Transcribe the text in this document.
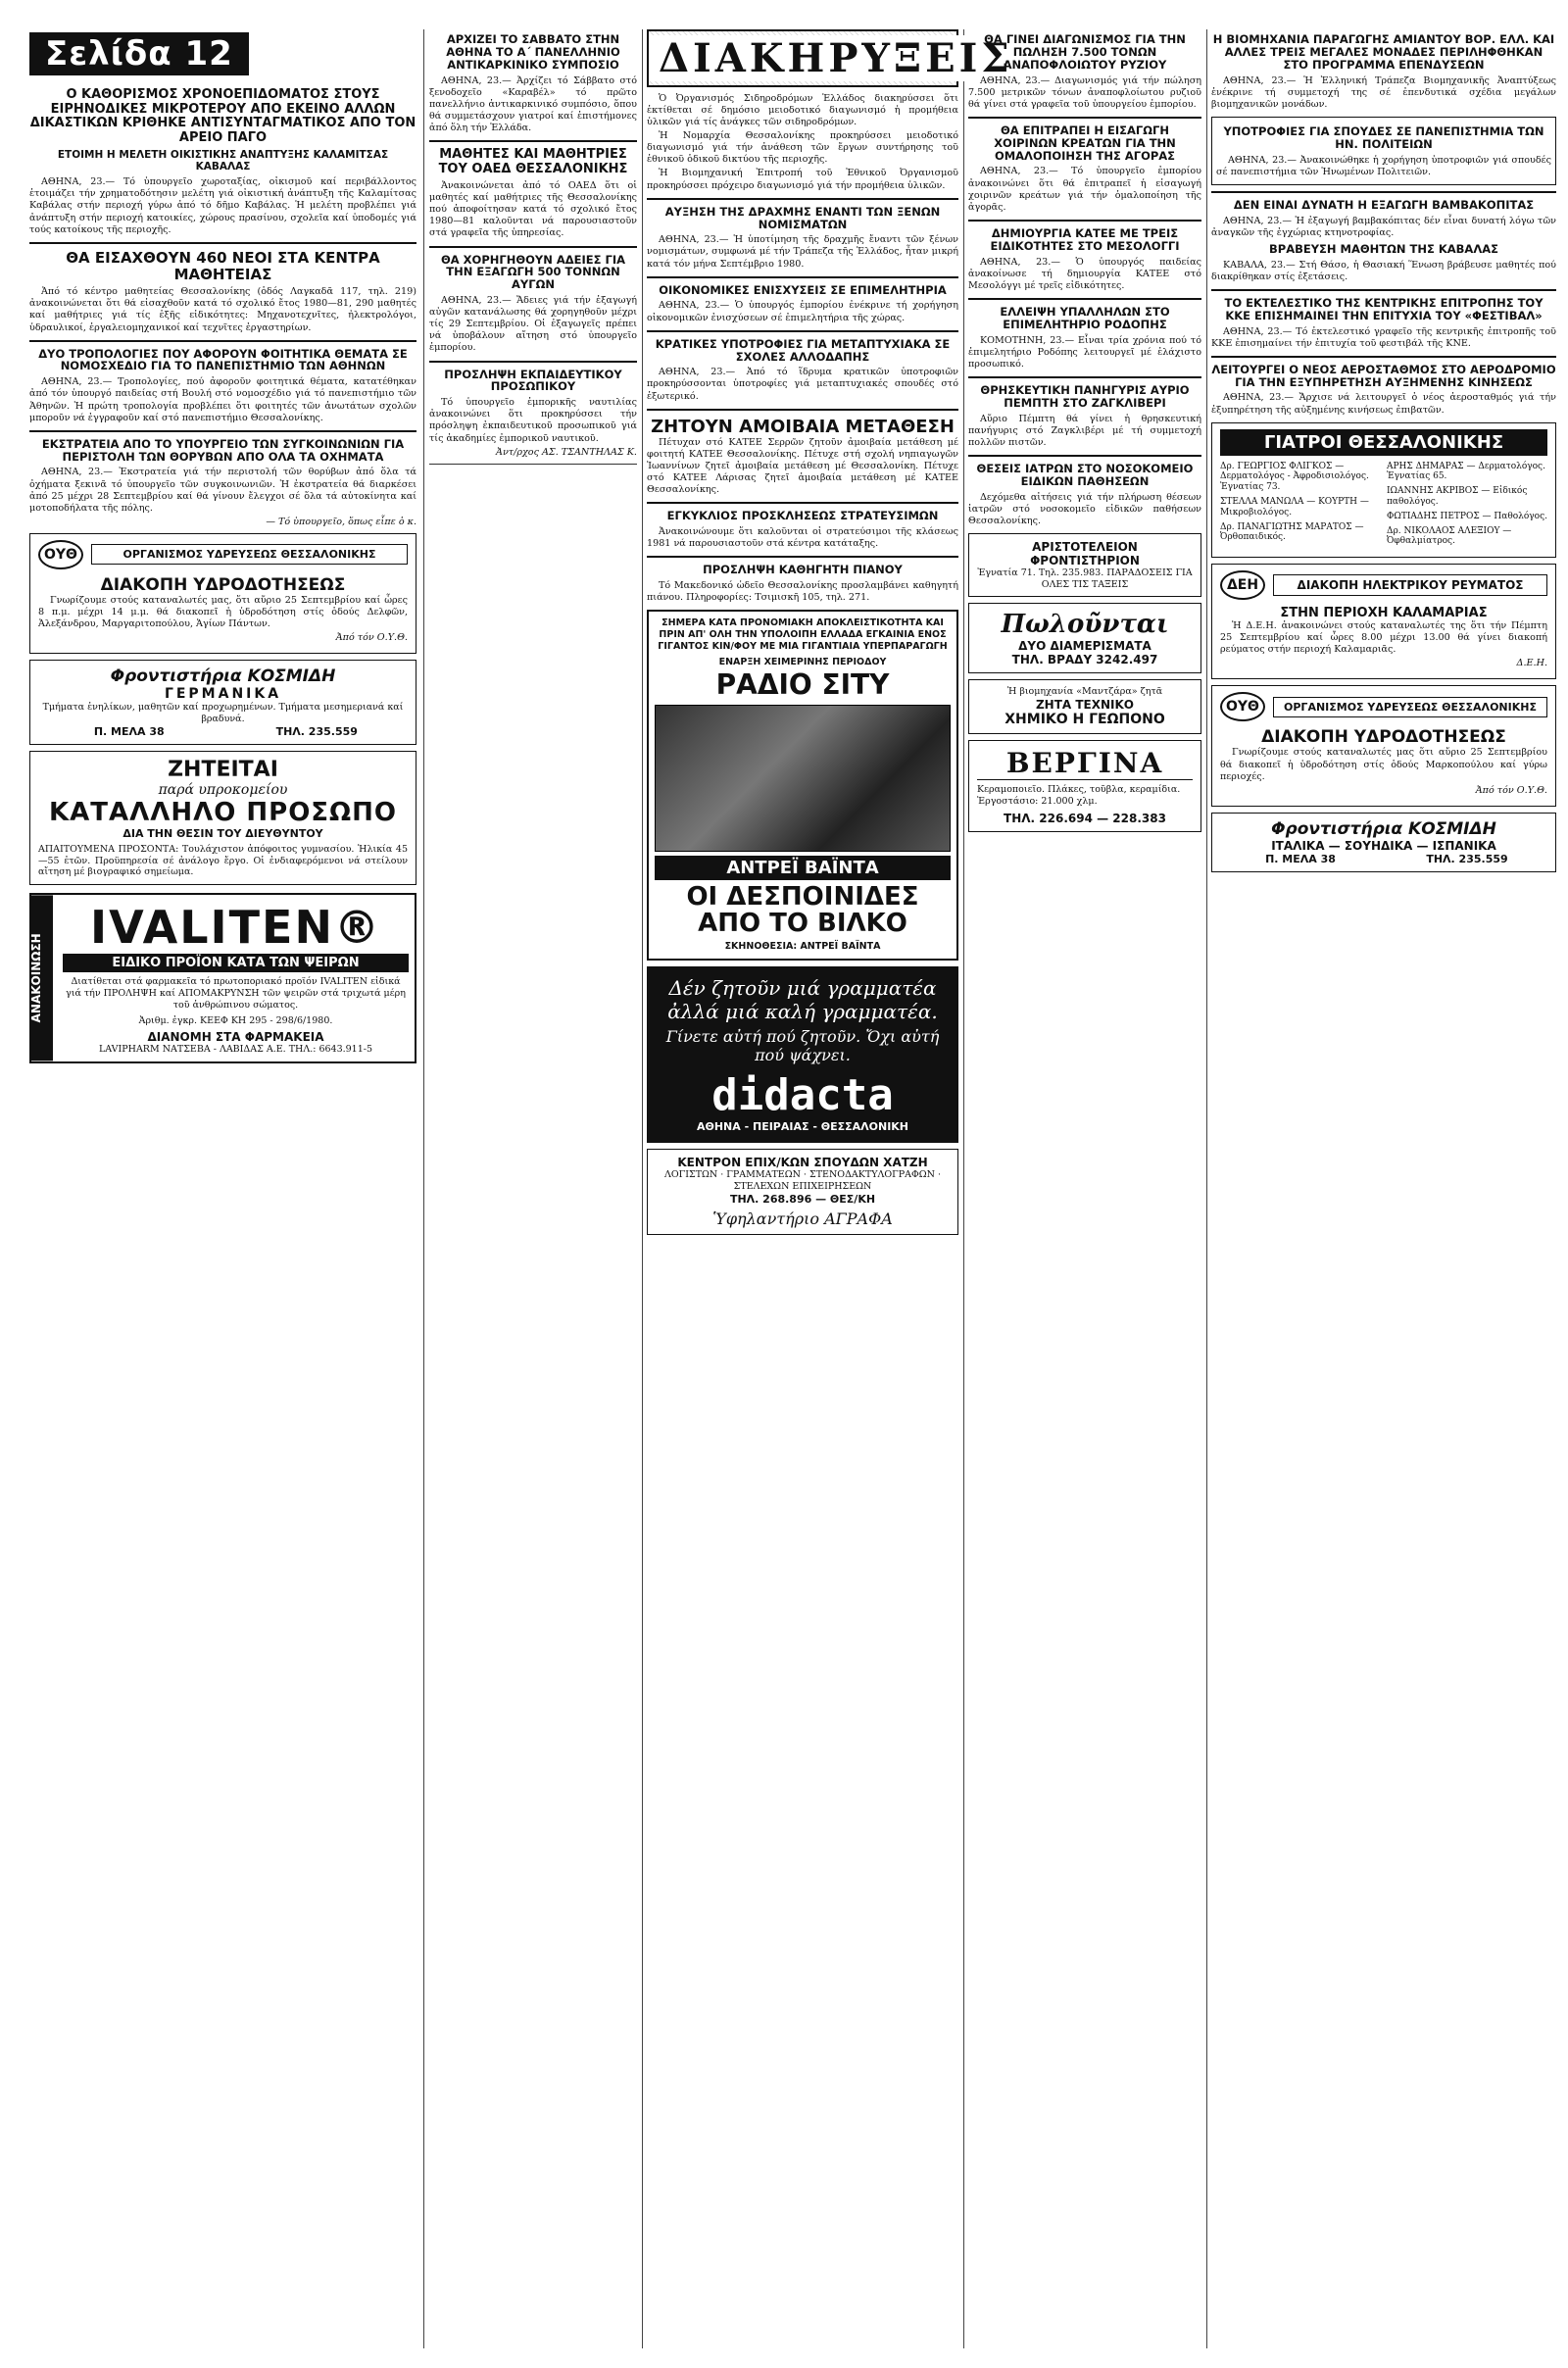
Σελίδα 12
Ο ΚΑΘΟΡΙΣΜΟΣ ΧΡΟΝΟΕΠΙΔΟΜΑΤΟΣ ΣΤΟΥΣ ΕΙΡΗΝΟΔΙΚΕΣ ΜΙΚΡΟΤΕΡΟΥ ΑΠΟ ΕΚΕΙΝΟ ΑΛΛΩΝ ΔΙΚΑΣΤΙΚΩΝ ΚΡΙΘΗΚΕ ΑΝΤΙΣΥΝΤΑΓΜΑΤΙΚΟΣ ΑΠΟ ΤΟΝ ΑΡΕΙΟ ΠΑΓΟ
ΕΤΟΙΜΗ Η ΜΕΛΕΤΗ ΟΙΚΙΣΤΙΚΗΣ ΑΝΑΠΤΥΞΗΣ ΚΑΛΑΜΙΤΣΑΣ ΚΑΒΑΛΑΣ

ΑΘΗΝΑ, 23.— Τό ὑπουργεῖο χωροταξίας, οἰκισμοῦ καί περιβάλλοντος ἑτοιμάζει τήν χρηματοδότησιν μελέτη γιά οἰκιστική ἀνάπτυξη τῆς Καλαμίτσας Καβάλας στήν περιοχή γύρω ἀπό τό δῆμο Καβάλας. Ἡ μελέτη προβλέπει γιά ἀνάπτυξη στήν περιοχή κατοικίες, χώρους πρασίνου, σχολεῖα καί ὑποδομές γιά τούς κατοίκους τῆς περιοχῆς.

ΘΑ ΕΙΣΑΧΘΟΥΝ 460 ΝΕΟΙ ΣΤΑ ΚΕΝΤΡΑ ΜΑΘΗΤΕΙΑΣ

Ἀπό τό κέντρο μαθητείας Θεσσαλονίκης (ὁδός Λαγκαδᾶ 117, τηλ. 219) ἀνακοινώνεται ὅτι θά εἰσαχθοῦν κατά τό σχολικό ἔτος 1980—81, 290 μαθητές καί μαθήτριες γιά τίς ἑξῆς εἰδικότητες: Μηχανοτεχνῖτες, ἠλεκτρολόγοι, ὑδραυλικοί, ἐργαλειομηχανικοί καί τεχνῖτες ἐργαστηρίων.

ΔΥΟ ΤΡΟΠΟΛΟΓΙΕΣ ΠΟΥ ΑΦΟΡΟΥΝ ΦΟΙΤΗΤΙΚΑ ΘΕΜΑΤΑ ΣΕ ΝΟΜΟΣΧΕΔΙΟ ΓΙΑ ΤΟ ΠΑΝΕΠΙΣΤΗΜΙΟ ΤΩΝ ΑΘΗΝΩΝ

ΑΘΗΝΑ, 23.— Τροπολογίες, πού ἀφοροῦν φοιτητικά θέματα, κατατέθηκαν ἀπό τόν ὑπουργό παιδείας στή Βουλή στό νομοσχέδιο γιά τό πανεπιστήμιο τῶν Ἀθηνῶν. Ἡ πρώτη τροπολογία προβλέπει ὅτι φοιτητές τῶν ἀνωτάτων σχολῶν μποροῦν νά ἐγγραφοῦν καί στό πανεπιστήμιο Θεσσαλονίκης.

ΕΚΣΤΡΑΤΕΙΑ ΑΠΟ ΤΟ ΥΠΟΥΡΓΕΙΟ ΤΩΝ ΣΥΓΚΟΙΝΩΝΙΩΝ ΓΙΑ ΠΕΡΙΣΤΟΛΗ ΤΩΝ ΘΟΡΥΒΩΝ ΑΠΟ ΟΛΑ ΤΑ ΟΧΗΜΑΤΑ

ΑΘΗΝΑ, 23.— Ἐκστρατεία γιά τήν περιστολή τῶν θορύβων ἀπό ὅλα τά ὀχήματα ξεκινᾶ τό ὑπουργεῖο τῶν συγκοινωνιῶν. Ἡ ἐκστρατεία θά διαρκέσει ἀπό 25 μέχρι 28 Σεπτεμβρίου καί θά γίνουν ἔλεγχοι σέ ὅλα τά αὐτοκίνητα καί μοτοποδήλατα τῆς πόλης.

— Τό ὑπουργεῖο, ὅπως εἶπε ὁ κ.

ΟΥΘ	ΟΡΓΑΝΙΣΜΟΣ ΥΔΡΕΥΣΕΩΣ ΘΕΣΣΑΛΟΝΙΚΗΣ
ΔΙΑΚΟΠΗ ΥΔΡΟΔΟΤΗΣΕΩΣ

Γνωρίζουμε στούς καταναλωτές μας, ὅτι αὔριο 25 Σεπτεμβρίου καί ὧρες 8 π.μ. μέχρι 14 μ.μ. θά διακοπεῖ ἡ ὑδροδότηση στίς ὁδούς Δελφῶν, Ἀλεξάνδρου, Μαργαριτοπούλου, Ἁγίων Πάντων.

Ἀπό τόν Ο.Υ.Θ.

Φροντιστήρια ΚΟΣΜΙΔΗ
ΓΕΡΜΑΝΙΚΑ

Τμήματα ἐνηλίκων, μαθητῶν καί προχωρημένων. Τμήματα μεσημεριανά καί βραδυνά.

Π. ΜΕΛΑ 38	ΤΗΛ. 235.559
ΖΗΤΕΙΤΑΙ
παρά υπροκομείου
ΚΑΤΑΛΛΗΛΟ ΠΡΟΣΩΠΟ
ΔΙΑ ΤΗΝ ΘΕΣΙΝ ΤΟΥ ΔΙΕΥΘΥΝΤΟΥ

ΑΠΑΙΤΟΥΜΕΝΑ ΠΡΟΣΟΝΤΑ: Τουλάχιστον ἀπόφοιτος γυμνασίου. Ἡλικία 45—55 ἐτῶν. Προϋπηρεσία σέ ἀνάλογο ἔργο. Οἱ ἐνδιαφερόμενοι νά στείλουν αἴτηση μέ βιογραφικό σημείωμα.

ΑΝΑΚΟΙΝΩΣΗ
IVALITEN®
ΕΙΔΙΚΟ ΠΡΟΪΟΝ ΚΑΤΑ ΤΩΝ ΨΕΙΡΩΝ

Διατίθεται στά φαρμακεῖα τό πρωτοποριακό προϊόν IVALITEN εἰδικά γιά τήν ΠΡΟΛΗΨΗ καί ΑΠΟΜΑΚΡΥΝΣΗ τῶν ψειρῶν στά τριχωτά μέρη τοῦ ἀνθρώπινου σώματος.

Ἀριθμ. ἐγκρ. ΚΕΕΦ ΚΗ 295 - 298/6/1980.
ΔΙΑΝΟΜΗ ΣΤΑ ΦΑΡΜΑΚΕΙΑ
LAVIPHARM ΝΑΤΣΕΒΑ - ΛΑΒΙΔΑΣ Α.Ε. ΤΗΛ.: 6643.911-5
ΑΡΧΙΖΕΙ ΤΟ ΣΑΒΒΑΤΟ ΣΤΗΝ ΑΘΗΝΑ ΤΟ Α΄ ΠΑΝΕΛΛΗΝΙΟ ΑΝΤΙΚΑΡΚΙΝΙΚΟ ΣΥΜΠΟΣΙΟ

ΑΘΗΝΑ, 23.— Ἀρχίζει τό Σάββατο στό ξενοδοχεῖο «Καραβέλ» τό πρῶτο πανελλήνιο ἀντικαρκινικό συμπόσιο, ὅπου θά συμμετάσχουν γιατροί καί ἐπιστήμονες ἀπό ὅλη τήν Ἑλλάδα.

ΜΑΘΗΤΕΣ ΚΑΙ ΜΑΘΗΤΡΙΕΣ ΤΟΥ ΟΑΕΔ ΘΕΣΣΑΛΟΝΙΚΗΣ

Ἀνακοινώνεται ἀπό τό ΟΑΕΔ ὅτι οἱ μαθητές καί μαθήτριες τῆς Θεσσαλονίκης πού ἀποφοίτησαν κατά τό σχολικό ἔτος 1980—81 καλοῦνται νά παρουσιαστοῦν στά γραφεῖα τῆς ὑπηρεσίας.

ΘΑ ΧΟΡΗΓΗΘΟΥΝ ΑΔΕΙΕΣ ΓΙΑ ΤΗΝ ΕΞΑΓΩΓΗ 500 ΤΟΝΝΩΝ ΑΥΓΩΝ

ΑΘΗΝΑ, 23.— Ἄδειες γιά τήν ἐξαγωγή αὐγῶν κατανάλωσης θά χορηγηθοῦν μέχρι τίς 29 Σεπτεμβρίου. Οἱ ἐξαγωγεῖς πρέπει νά ὑποβάλουν αἴτηση στό ὑπουργεῖο ἐμπορίου.

ΠΡΟΣΛΗΨΗ ΕΚΠΑΙΔΕΥΤΙΚΟΥ ΠΡΟΣΩΠΙΚΟΥ

Τό ὑπουργεῖο ἐμπορικῆς ναυτιλίας ἀνακοινώνει ὅτι προκηρύσσει τήν πρόσληψη ἐκπαιδευτικοῦ προσωπικοῦ γιά τίς ἀκαδημίες ἐμπορικοῦ ναυτικοῦ.

Ἀντ/ρχος ΑΣ. ΤΣΑΝΤΗΛΑΣ Κ.

ΔΙΑΚΗΡΥΞΕΙΣ

Ὁ Ὀργανισμός Σιδηροδρόμων Ἑλλάδος διακηρύσσει ὅτι ἐκτίθεται σέ δημόσιο μειοδοτικό διαγωνισμό ἡ προμήθεια ὑλικῶν γιά τίς ἀνάγκες τῶν σιδηροδρόμων.

Ἡ Νομαρχία Θεσσαλονίκης προκηρύσσει μειοδοτικό διαγωνισμό γιά τήν ἀνάθεση τῶν ἔργων συντήρησης τοῦ ἐθνικοῦ ὁδικοῦ δικτύου τῆς περιοχῆς.

Ἡ Βιομηχανική Ἐπιτροπή τοῦ Ἐθνικοῦ Ὀργανισμοῦ προκηρύσσει πρόχειρο διαγωνισμό γιά τήν προμήθεια ὑλικῶν.

ΑΥΞΗΣΗ ΤΗΣ ΔΡΑΧΜΗΣ ΕΝΑΝΤΙ ΤΩΝ ΞΕΝΩΝ ΝΟΜΙΣΜΑΤΩΝ

ΑΘΗΝΑ, 23.— Ἡ ὑποτίμηση τῆς δραχμῆς ἔναντι τῶν ξένων νομισμάτων, συμφωνά μέ τήν Τράπεζα τῆς Ἑλλάδος, ἦταν μικρή κατά τόν μήνα Σεπτέμβριο 1980.

ΟΙΚΟΝΟΜΙΚΕΣ ΕΝΙΣΧΥΣΕΙΣ ΣΕ ΕΠΙΜΕΛΗΤΗΡΙΑ

ΑΘΗΝΑ, 23.— Ὁ ὑπουργός ἐμπορίου ἐνέκρινε τή χορήγηση οἰκονομικῶν ἐνισχύσεων σέ ἐπιμελητήρια τῆς χώρας.

ΚΡΑΤΙΚΕΣ ΥΠΟΤΡΟΦΙΕΣ ΓΙΑ ΜΕΤΑΠΤΥΧΙΑΚΑ ΣΕ ΣΧΟΛΕΣ ΑΛΛΟΔΑΠΗΣ

ΑΘΗΝΑ, 23.— Ἀπό τό ἵδρυμα κρατικῶν ὑποτροφιῶν προκηρύσσονται ὑποτροφίες γιά μεταπτυχιακές σπουδές στό ἐξωτερικό.

ΖΗΤΟΥΝ ΑΜΟΙΒΑΙΑ ΜΕΤΑΘΕΣΗ

Πέτυχαν στό ΚΑΤΕΕ Σερρῶν ζητοῦν ἀμοιβαία μετάθεση μέ φοιτητή ΚΑΤΕΕ Θεσσαλονίκης. Πέτυχε στή σχολή νηπιαγωγῶν Ἰωαννίνων ζητεῖ ἀμοιβαία μετάθεση μέ Θεσσαλονίκη. Πέτυχε στό ΚΑΤΕΕ Λάρισας ζητεῖ ἀμοιβαία μετάθεση μέ ΚΑΤΕΕ Θεσσαλονίκης.

ΕΓΚΥΚΛΙΟΣ ΠΡΟΣΚΛΗΣΕΩΣ ΣΤΡΑΤΕΥΣΙΜΩΝ

Ἀνακοινώνουμε ὅτι καλοῦνται οἱ στρατεύσιμοι τῆς κλάσεως 1981 νά παρουσιαστοῦν στά κέντρα κατάταξης.

ΠΡΟΣΛΗΨΗ ΚΑΘΗΓΗΤΗ ΠΙΑΝΟΥ

Τό Μακεδονικό ὠδεῖο Θεσσαλονίκης προσλαμβάνει καθηγητή πιάνου. Πληροφορίες: Τσιμισκῆ 105, τηλ. 271.

ΣΗΜΕΡΑ ΚΑΤΑ ΠΡΟΝΟΜΙΑΚΗ ΑΠΟΚΛΕΙΣΤΙΚΟΤΗΤΑ ΚΑΙ ΠΡΙΝ ΑΠ' ΟΛΗ ΤΗΝ ΥΠΟΛΟΙΠΗ ΕΛΛΑΔΑ ΕΓΚΑΙΝΙΑ ΕΝΟΣ ΓΙΓΑΝΤΟΣ ΚΙΝ/ΦΟΥ ΜΕ ΜΙΑ ΓΙΓΑΝΤΙΑΙΑ ΥΠΕΡΠΑΡΑΓΩΓΗ
ΕΝΑΡΞΗ ΧΕΙΜΕΡΙΝΗΣ ΠΕΡΙΟΔΟΥ
ΡΑΔΙΟ ΣΙΤΥ
ΑΝΤΡΕΪ ΒΑΪΝΤΑ
ΟΙ ΔΕΣΠΟΙΝΙΔΕΣ ΑΠΟ ΤΟ ΒΙΛΚΟ
ΣΚΗΝΟΘΕΣΙΑ: ΑΝΤΡΕΪ ΒΑΪΝΤΑ
Δέν ζητοῦν μιά γραμματέα ἀλλά μιά καλή γραμματέα.
Γίνετε αὐτή πού ζητοῦν. Ὄχι αὐτή πού ψάχνει.
didacta
ΑΘΗΝΑ - ΠΕΙΡΑΙΑΣ - ΘΕΣΣΑΛΟΝΙΚΗ
ΚΕΝΤΡΟΝ ΕΠΙΧ/ΚΩΝ ΣΠΟΥΔΩΝ ΧΑΤΖΗ
ΛΟΓΙΣΤΩΝ · ΓΡΑΜΜΑΤΕΩΝ · ΣΤΕΝΟΔΑΚΤΥΛΟΓΡΑΦΩΝ · ΣΤΕΛΕΧΩΝ ΕΠΙΧΕΙΡΗΣΕΩΝ
ΤΗΛ. 268.896 — ΘΕΣ/ΚΗ
Ὑφηλαντήριο ΑΓΡΑΦΑ
ΘΑ ΓΙΝΕΙ ΔΙΑΓΩΝΙΣΜΟΣ ΓΙΑ ΤΗΝ ΠΩΛΗΣΗ 7.500 ΤΟΝΩΝ ΑΝΑΠΟΦΛΟΙΩΤΟΥ ΡΥΖΙΟΥ

ΑΘΗΝΑ, 23.— Διαγωνισμός γιά τήν πώληση 7.500 μετρικῶν τόνων ἀναποφλοίωτου ρυζιοῦ θά γίνει στά γραφεῖα τοῦ ὑπουργείου ἐμπορίου.

ΘΑ ΕΠΙΤΡΑΠΕΙ Η ΕΙΣΑΓΩΓΗ ΧΟΙΡΙΝΩΝ ΚΡΕΑΤΩΝ ΓΙΑ ΤΗΝ ΟΜΑΛΟΠΟΙΗΣΗ ΤΗΣ ΑΓΟΡΑΣ

ΑΘΗΝΑ, 23.— Τό ὑπουργεῖο ἐμπορίου ἀνακοινώνει ὅτι θά ἐπιτραπεῖ ἡ εἰσαγωγή χοιρινῶν κρεάτων γιά τήν ὁμαλοποίηση τῆς ἀγορᾶς.

ΔΗΜΙΟΥΡΓΙΑ ΚΑΤΕΕ ΜΕ ΤΡΕΙΣ ΕΙΔΙΚΟΤΗΤΕΣ ΣΤΟ ΜΕΣΟΛΟΓΓΙ

ΑΘΗΝΑ, 23.— Ὁ ὑπουργός παιδείας ἀνακοίνωσε τή δημιουργία ΚΑΤΕΕ στό Μεσολόγγι μέ τρεῖς εἰδικότητες.

ΕΛΛΕΙΨΗ ΥΠΑΛΛΗΛΩΝ ΣΤΟ ΕΠΙΜΕΛΗΤΗΡΙΟ ΡΟΔΟΠΗΣ

ΚΟΜΟΤΗΝΗ, 23.— Εἶναι τρία χρόνια πού τό ἐπιμελητήριο Ροδόπης λειτουργεῖ μέ ἐλάχιστο προσωπικό.

ΘΡΗΣΚΕΥΤΙΚΗ ΠΑΝΗΓΥΡΙΣ ΑΥΡΙΟ ΠΕΜΠΤΗ ΣΤΟ ΖΑΓΚΛΙΒΕΡΙ

Αὔριο Πέμπτη θά γίνει ἡ θρησκευτική πανήγυρις στό Ζαγκλιβέρι μέ τή συμμετοχή πολλῶν πιστῶν.

ΘΕΣΕΙΣ ΙΑΤΡΩΝ ΣΤΟ ΝΟΣΟΚΟΜΕΙΟ ΕΙΔΙΚΩΝ ΠΑΘΗΣΕΩΝ

Δεχόμεθα αἰτήσεις γιά τήν πλήρωση θέσεων ἰατρῶν στό νοσοκομεῖο εἰδικῶν παθήσεων Θεσσαλονίκης.

ΑΡΙΣΤΟΤΕΛΕΙΟΝ ΦΡΟΝΤΙΣΤΗΡΙΟΝ
Ἐγνατία 71. Τηλ. 235.983. ΠΑΡΑΔΟΣΕΙΣ ΓΙΑ ΟΛΕΣ ΤΙΣ ΤΑΞΕΙΣ
Πωλοῦνται
ΔΥΟ ΔΙΑΜΕΡΙΣΜΑΤΑ
ΤΗΛ. ΒΡΑΔΥ 3242.497
Ἡ βιομηχανία «Μαντζάρα» ζητᾶ
ΖΗΤΑ ΤΕΧΝΙΚΟ
ΧΗΜΙΚΟ Η ΓΕΩΠΟΝΟ
ΒΕΡΓΙΝΑ

Κεραμοποιεῖο. Πλάκες, τοῦβλα, κεραμίδια. Ἐργοστάσιο: 21.000 χλμ.

ΤΗΛ. 226.694 — 228.383
Η ΒΙΟΜΗΧΑΝΙΑ ΠΑΡΑΓΩΓΗΣ ΑΜΙΑΝΤΟΥ ΒΟΡ. ΕΛΛ. ΚΑΙ ΑΛΛΕΣ ΤΡΕΙΣ ΜΕΓΑΛΕΣ ΜΟΝΑΔΕΣ ΠΕΡΙΛΗΦΘΗΚΑΝ ΣΤΟ ΠΡΟΓΡΑΜΜΑ ΕΠΕΝΔΥΣΕΩΝ

ΑΘΗΝΑ, 23.— Ἡ Ἑλληνική Τράπεζα Βιομηχανικῆς Ἀναπτύξεως ἐνέκρινε τή συμμετοχή της σέ ἐπενδυτικά σχέδια μεγάλων βιομηχανικῶν μονάδων.

ΥΠΟΤΡΟΦΙΕΣ ΓΙΑ ΣΠΟΥΔΕΣ ΣΕ ΠΑΝΕΠΙΣΤΗΜΙΑ ΤΩΝ ΗΝ. ΠΟΛΙΤΕΙΩΝ

ΑΘΗΝΑ, 23.— Ἀνακοινώθηκε ἡ χορήγηση ὑποτροφιῶν γιά σπουδές σέ πανεπιστήμια τῶν Ἡνωμένων Πολιτειῶν.

ΔΕΝ ΕΙΝΑΙ ΔΥΝΑΤΗ Η ΕΞΑΓΩΓΗ ΒΑΜΒΑΚΟΠΙΤΑΣ

ΑΘΗΝΑ, 23.— Ἡ ἐξαγωγή βαμβακόπιτας δέν εἶναι δυνατή λόγω τῶν ἀναγκῶν τῆς ἐγχώριας κτηνοτροφίας.

ΒΡΑΒΕΥΣΗ ΜΑΘΗΤΩΝ ΤΗΣ ΚΑΒΑΛΑΣ

ΚΑΒΑΛΑ, 23.— Στή Θάσο, ἡ Θασιακή Ἕνωση βράβευσε μαθητές πού διακρίθηκαν στίς ἐξετάσεις.

ΤΟ ΕΚΤΕΛΕΣΤΙΚΟ ΤΗΣ ΚΕΝΤΡΙΚΗΣ ΕΠΙΤΡΟΠΗΣ ΤΟΥ ΚΚΕ ΕΠΙΣΗΜΑΙΝΕΙ ΤΗΝ ΕΠΙΤΥΧΙΑ ΤΟΥ «ΦΕΣΤΙΒΑΛ»

ΑΘΗΝΑ, 23.— Τό ἐκτελεστικό γραφεῖο τῆς κεντρικῆς ἐπιτροπῆς τοῦ ΚΚΕ ἐπισημαίνει τήν ἐπιτυχία τοῦ φεστιβάλ τῆς ΚΝΕ.

ΛΕΙΤΟΥΡΓΕΙ Ο ΝΕΟΣ ΑΕΡΟΣΤΑΘΜΟΣ ΣΤΟ ΑΕΡΟΔΡΟΜΙΟ ΓΙΑ ΤΗΝ ΕΞΥΠΗΡΕΤΗΣΗ ΑΥΞΗΜΕΝΗΣ ΚΙΝΗΣΕΩΣ

ΑΘΗΝΑ, 23.— Ἄρχισε νά λειτουργεῖ ὁ νέος ἀεροσταθμός γιά τήν ἐξυπηρέτηση τῆς αὐξημένης κινήσεως ἐπιβατῶν.

ΓΙΑΤΡΟΙ ΘΕΣΣΑΛΟΝΙΚΗΣ
Δρ. ΓΕΩΡΓΙΟΣ ΦΛΙΓΚΟΣ — Δερματολόγος - Ἀφροδισιολόγος. Ἐγνατίας 73.
ΣΤΕΛΛΑ ΜΑΝΩΛΑ — ΚΟΥΡΤΗ — Μικροβιολόγος.
Δρ. ΠΑΝΑΓΙΩΤΗΣ ΜΑΡΑΤΟΣ — Ὀρθοπαιδικός.
ΑΡΗΣ ΔΗΜΑΡΑΣ — Δερματολόγος. Ἐγνατίας 65.
ΙΩΑΝΝΗΣ ΑΚΡΙΒΟΣ — Εἰδικός παθολόγος.
ΦΩΤΙΑΔΗΣ ΠΕΤΡΟΣ — Παθολόγος.
Δρ. ΝΙΚΟΛΑΟΣ ΑΛΕΞΙΟΥ — Ὀφθαλμίατρος.
ΔΕΗ	ΔΙΑΚΟΠΗ ΗΛΕΚΤΡΙΚΟΥ ΡΕΥΜΑΤΟΣ
ΣΤΗΝ ΠΕΡΙΟΧΗ ΚΑΛΑΜΑΡΙΑΣ

Ἡ Δ.Ε.Η. ἀνακοινώνει στούς καταναλωτές της ὅτι τήν Πέμπτη 25 Σεπτεμβρίου καί ὧρες 8.00 μέχρι 13.00 θά γίνει διακοπή ρεύματος στήν περιοχή Καλαμαριᾶς.

Δ.Ε.Η.

ΟΥΘ	ΟΡΓΑΝΙΣΜΟΣ ΥΔΡΕΥΣΕΩΣ ΘΕΣΣΑΛΟΝΙΚΗΣ
ΔΙΑΚΟΠΗ ΥΔΡΟΔΟΤΗΣΕΩΣ

Γνωρίζουμε στούς καταναλωτές μας ὅτι αὔριο 25 Σεπτεμβρίου θά διακοπεῖ ἡ ὑδροδότηση στίς ὁδούς Μαρκοπούλου καί γύρω περιοχές.

Ἀπό τόν Ο.Υ.Θ.

Φροντιστήρια ΚΟΣΜΙΔΗ
ΙΤΑΛΙΚΑ — ΣΟΥΗΔΙΚΑ — ΙΣΠΑΝΙΚΑ
Π. ΜΕΛΑ 38	ΤΗΛ. 235.559
